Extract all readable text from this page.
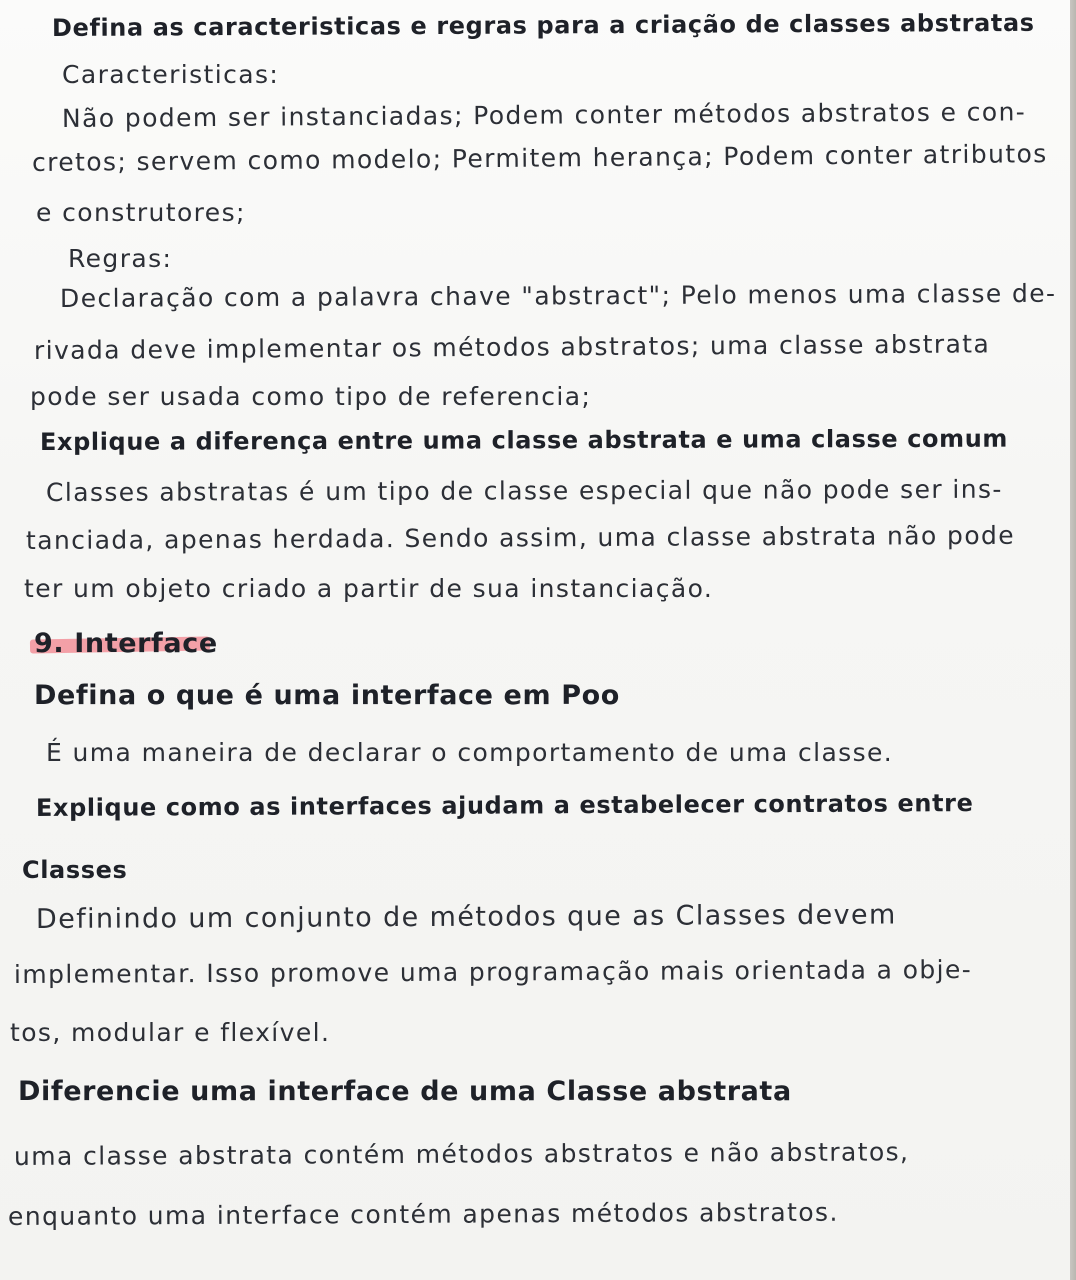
Defina as caracteristicas e regras para a criação de classes abstratas
Caracteristicas:
Não podem ser instanciadas; Podem conter métodos abstratos e con-
cretos; servem como modelo; Permitem herança; Podem conter atributos
e construtores;
Regras:
Declaração com a palavra chave "abstract"; Pelo menos uma classe de-
rivada deve implementar os métodos abstratos; uma classe abstrata
pode ser usada como tipo de referencia;
Explique a diferença entre uma classe abstrata e uma classe comum
Classes abstratas é um tipo de classe especial que não pode ser ins-
tanciada, apenas herdada. Sendo assim, uma classe abstrata não pode
ter um objeto criado a partir de sua instanciação.
9. Interface
Defina o que é uma interface em Poo
É uma maneira de declarar o comportamento de uma classe.
Explique como as interfaces ajudam a estabelecer contratos entre
Classes
Definindo um conjunto de métodos que as Classes devem
implementar. Isso promove uma programação mais orientada a obje-
tos, modular e flexível.
Diferencie uma interface de uma Classe abstrata
uma classe abstrata contém métodos abstratos e não abstratos,
enquanto uma interface contém apenas métodos abstratos.
